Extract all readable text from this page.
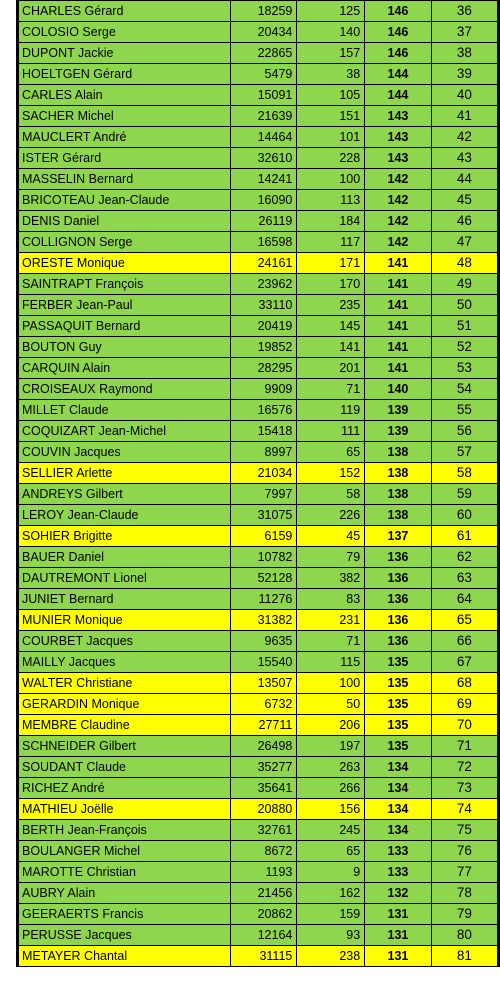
CHARLES Gérard	18259	125	146	36
COLOSIO Serge	20434	140	146	37
DUPONT Jackie	22865	157	146	38
HOELTGEN Gérard	5479	38	144	39
CARLES Alain	15091	105	144	40
SACHER Michel	21639	151	143	41
MAUCLERT André	14464	101	143	42
ISTER Gérard	32610	228	143	43
MASSELIN Bernard	14241	100	142	44
BRICOTEAU Jean-Claude	16090	113	142	45
DENIS Daniel	26119	184	142	46
COLLIGNON Serge	16598	117	142	47
ORESTE Monique	24161	171	141	48
SAINTRAPT François	23962	170	141	49
FERBER Jean-Paul	33110	235	141	50
PASSAQUIT Bernard	20419	145	141	51
BOUTON Guy	19852	141	141	52
CARQUIN Alain	28295	201	141	53
CROISEAUX Raymond	9909	71	140	54
MILLET Claude	16576	119	139	55
COQUIZART Jean-Michel	15418	111	139	56
COUVIN Jacques	8997	65	138	57
SELLIER Arlette	21034	152	138	58
ANDREYS Gilbert	7997	58	138	59
LEROY Jean-Claude	31075	226	138	60
SOHIER Brigitte	6159	45	137	61
BAUER Daniel	10782	79	136	62
DAUTREMONT Lionel	52128	382	136	63
JUNIET Bernard	11276	83	136	64
MUNIER Monique	31382	231	136	65
COURBET Jacques	9635	71	136	66
MAILLY Jacques	15540	115	135	67
WALTER Christiane	13507	100	135	68
GERARDIN Monique	6732	50	135	69
MEMBRE Claudine	27711	206	135	70
SCHNEIDER Gilbert	26498	197	135	71
SOUDANT Claude	35277	263	134	72
RICHEZ André	35641	266	134	73
MATHIEU Joëlle	20880	156	134	74
BERTH Jean-François	32761	245	134	75
BOULANGER Michel	8672	65	133	76
MAROTTE Christian	1193	9	133	77
AUBRY Alain	21456	162	132	78
GEERAERTS Francis	20862	159	131	79
PERUSSE Jacques	12164	93	131	80
METAYER Chantal	31115	238	131	81
